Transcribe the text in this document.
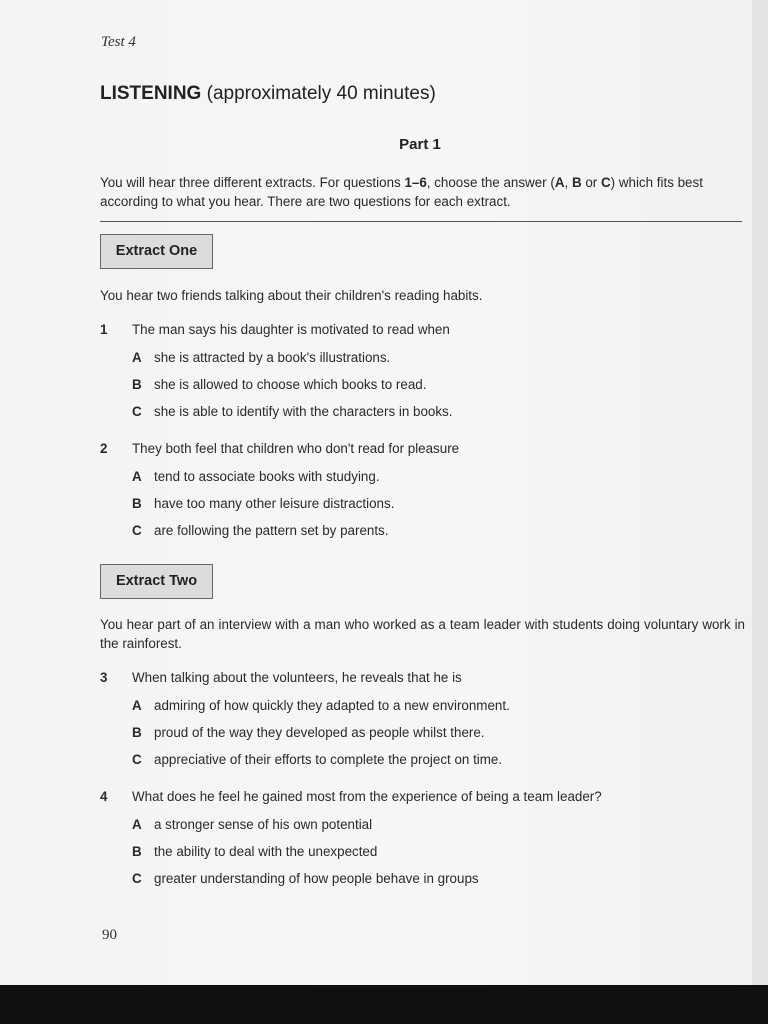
Test 4
LISTENING (approximately 40 minutes)
Part 1
You will hear three different extracts. For questions 1–6, choose the answer (A, B or C) which fits best according to what you hear. There are two questions for each extract.
Extract One
You hear two friends talking about their children's reading habits.
1 The man says his daughter is motivated to read when
A she is attracted by a book's illustrations.
B she is allowed to choose which books to read.
C she is able to identify with the characters in books.
2 They both feel that children who don't read for pleasure
A tend to associate books with studying.
B have too many other leisure distractions.
C are following the pattern set by parents.
Extract Two
You hear part of an interview with a man who worked as a team leader with students doing voluntary work in the rainforest.
3 When talking about the volunteers, he reveals that he is
A admiring of how quickly they adapted to a new environment.
B proud of the way they developed as people whilst there.
C appreciative of their efforts to complete the project on time.
4 What does he feel he gained most from the experience of being a team leader?
A a stronger sense of his own potential
B the ability to deal with the unexpected
C greater understanding of how people behave in groups
90
